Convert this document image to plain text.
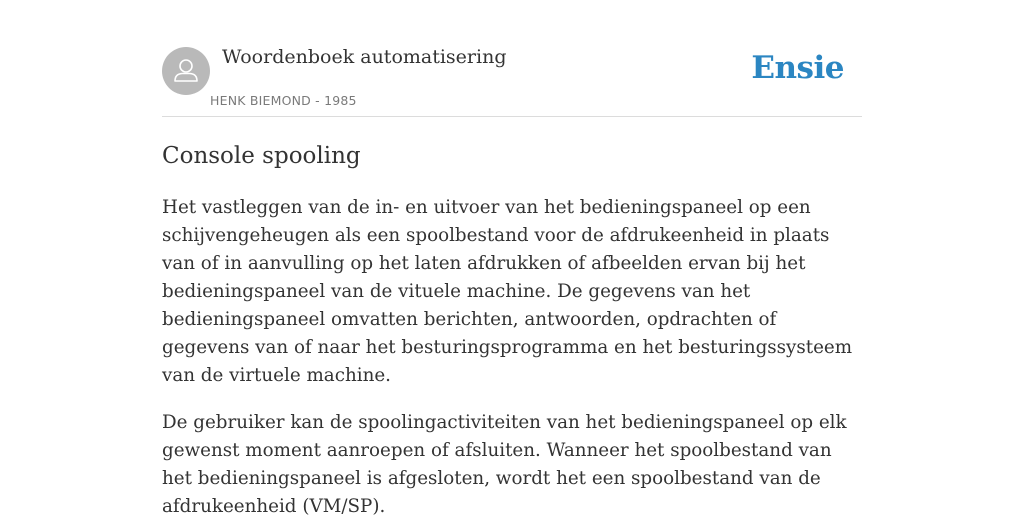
Woordenboek automatisering
HENK BIEMOND - 1985
Ensie
Console spooling

Het vastleggen van de in- en uitvoer van het bedieningspaneel op een schijvengeheugen als een spoolbestand voor de afdrukeenheid in plaats van of in aanvulling op het laten afdrukken of afbeelden ervan bij het bedieningspaneel van de vituele machine. De gegevens van het bedieningspaneel omvatten berichten, antwoorden, opdrachten of gegevens van of naar het besturingsprogramma en het besturingssysteem van de virtuele machine.

De gebruiker kan de spoolingactiviteiten van het bedieningspaneel op elk gewenst moment aanroepen of afsluiten. Wanneer het spoolbestand van het bedieningspaneel is afgesloten, wordt het een spoolbestand van de afdrukeenheid (VM/SP).
